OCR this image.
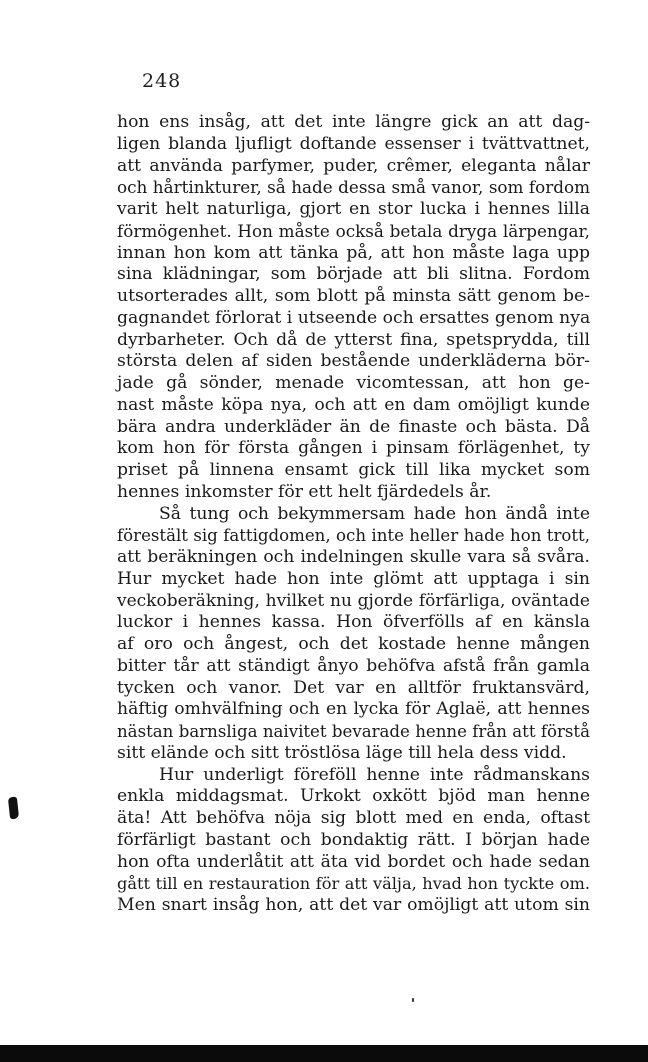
248
hon ens insåg, att det inte längre gick an att dag-
ligen blanda ljufligt doftande essenser i tvättvattnet,
att använda parfymer, puder, crêmer, eleganta nålar
och hårtinkturer, så hade dessa små vanor, som fordom
varit helt naturliga, gjort en stor lucka i hennes lilla
förmögenhet. Hon måste också betala dryga lärpengar,
innan hon kom att tänka på, att hon måste laga upp
sina klädningar, som började att bli slitna. Fordom
utsorterades allt, som blott på minsta sätt genom be-
gagnandet förlorat i utseende och ersattes genom nya
dyrbarheter. Och då de ytterst fina, spetsprydda, till
största delen af siden bestående underkläderna bör-
jade gå sönder, menade vicomtessan, att hon ge-
nast måste köpa nya, och att en dam omöjligt kunde
bära andra underkläder än de finaste och bästa. Då
kom hon för första gången i pinsam förlägenhet, ty
priset på linnena ensamt gick till lika mycket som
hennes inkomster för ett helt fjärdedels år.
Så tung och bekymmersam hade hon ändå inte
förestält sig fattigdomen, och inte heller hade hon trott,
att beräkningen och indelningen skulle vara så svåra.
Hur mycket hade hon inte glömt att upptaga i sin
veckoberäkning, hvilket nu gjorde förfärliga, oväntade
luckor i hennes kassa. Hon öfverfölls af en känsla
af oro och ångest, och det kostade henne mången
bitter tår att ständigt ånyo behöfva afstå från gamla
tycken och vanor. Det var en alltför fruktansvärd,
häftig omhvälfning och en lycka för Aglaë, att hennes
nästan barnsliga naivitet bevarade henne från att förstå
sitt elände och sitt tröstlösa läge till hela dess vidd.
Hur underligt föreföll henne inte rådmanskans
enkla middagsmat. Urkokt oxkött bjöd man henne
äta! Att behöfva nöja sig blott med en enda, oftast
förfärligt bastant och bondaktig rätt. I början hade
hon ofta underlåtit att äta vid bordet och hade sedan
gått till en restauration för att välja, hvad hon tyckte om.
Men snart insåg hon, att det var omöjligt att utom sin
